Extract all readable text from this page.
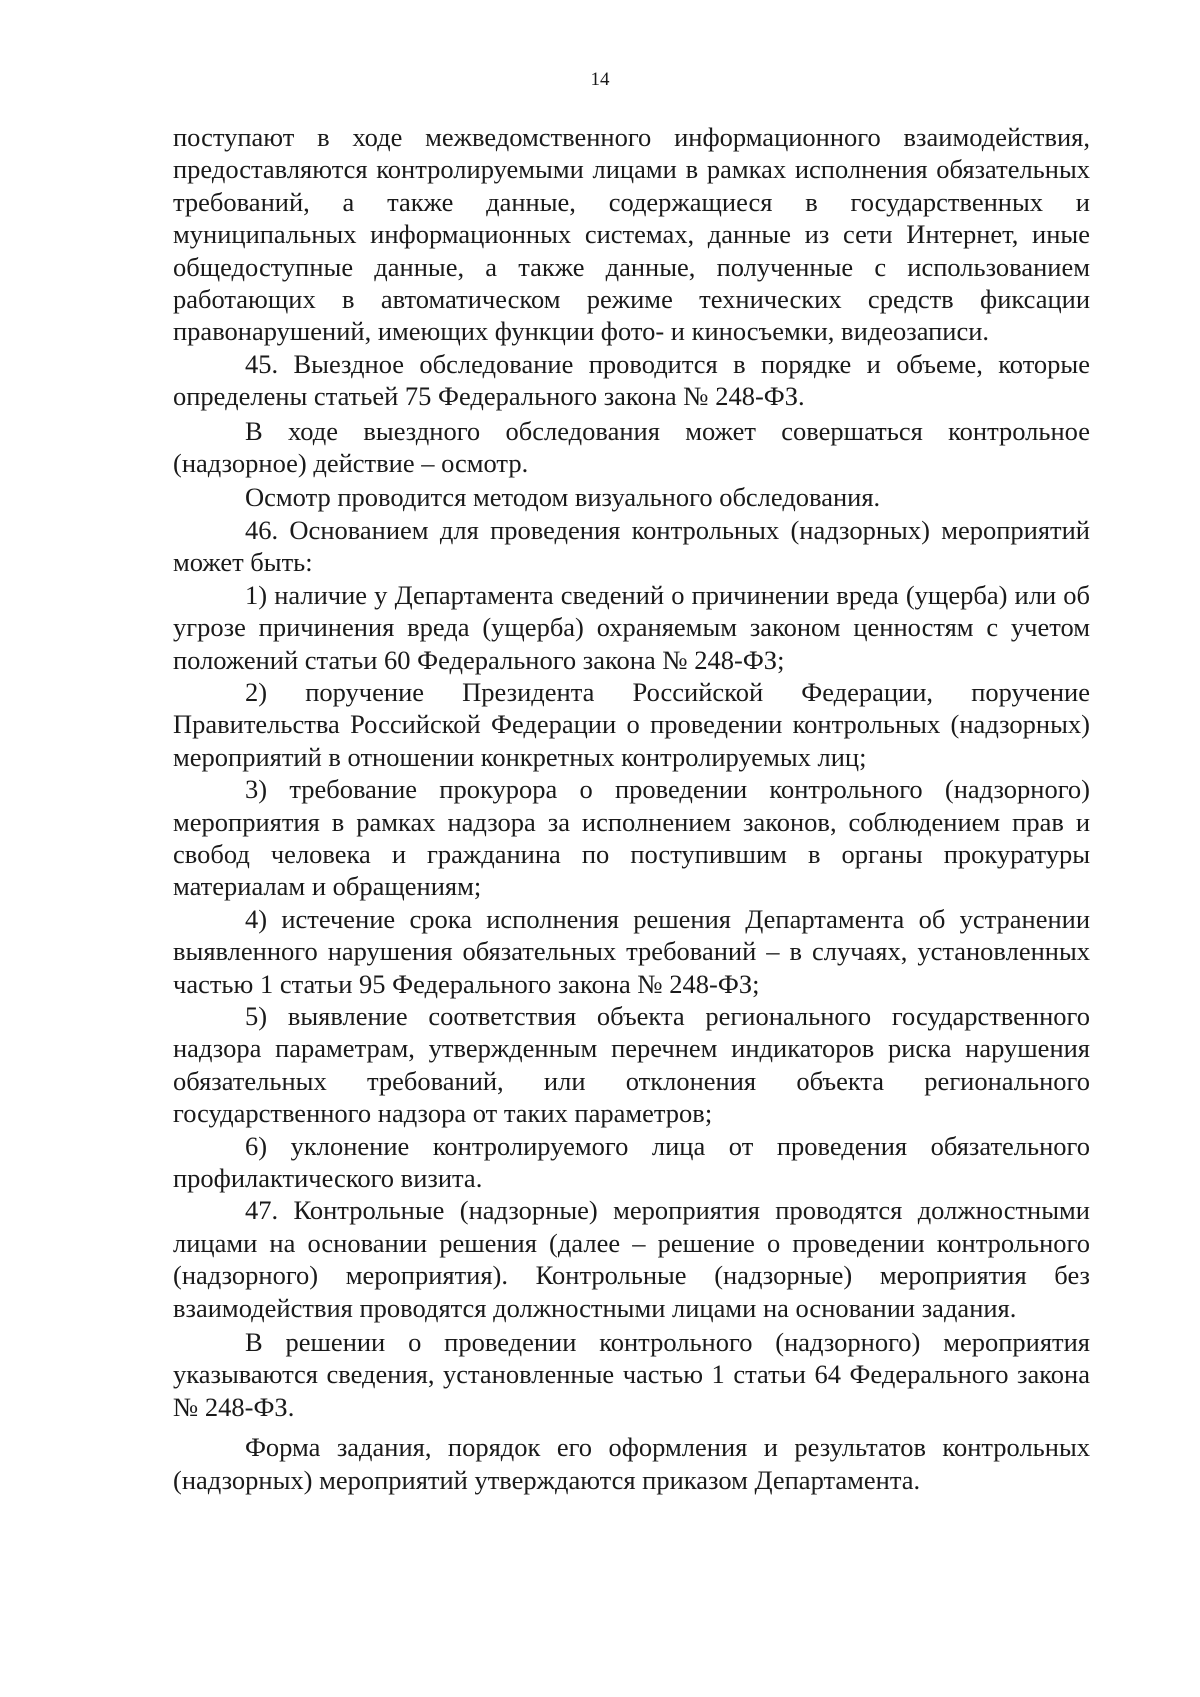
14

поступают в ходе межведомственного информационного взаимодействия, предоставляются контролируемыми лицами в рамках исполнения обязательных требований, а также данные, содержащиеся в государственных и муниципальных информационных системах, данные из сети Интернет, иные общедоступные данные, а также данные, полученные с использованием работающих в автоматическом режиме технических средств фиксации правонарушений, имеющих функции фото- и киносъемки, видеозаписи.

45. Выездное обследование проводится в порядке и объеме, которые определены статьей 75 Федерального закона № 248-ФЗ.

В ходе выездного обследования может совершаться контрольное (надзорное) действие – осмотр.

Осмотр проводится методом визуального обследования.

46. Основанием для проведения контрольных (надзорных) мероприятий может быть:

1) наличие у Департамента сведений о причинении вреда (ущерба) или об угрозе причинения вреда (ущерба) охраняемым законом ценностям с учетом положений статьи 60 Федерального закона № 248-ФЗ;

2) поручение Президента Российской Федерации, поручение Правительства Российской Федерации о проведении контрольных (надзорных) мероприятий в отношении конкретных контролируемых лиц;

3) требование прокурора о проведении контрольного (надзорного) мероприятия в рамках надзора за исполнением законов, соблюдением прав и свобод человека и гражданина по поступившим в органы прокуратуры материалам и обращениям;

4) истечение срока исполнения решения Департамента об устранении выявленного нарушения обязательных требований – в случаях, установленных частью 1 статьи 95 Федерального закона № 248-ФЗ;

5) выявление соответствия объекта регионального государственного надзора параметрам, утвержденным перечнем индикаторов риска нарушения обязательных требований, или отклонения объекта регионального государственного надзора от таких параметров;

6) уклонение контролируемого лица от проведения обязательного профилактического визита.

47. Контрольные (надзорные) мероприятия проводятся должностными лицами на основании решения (далее – решение о проведении контрольного (надзорного) мероприятия). Контрольные (надзорные) мероприятия без взаимодействия проводятся должностными лицами на основании задания.

В решении о проведении контрольного (надзорного) мероприятия указываются сведения, установленные частью 1 статьи 64 Федерального закона № 248-ФЗ.

Форма задания, порядок его оформления и результатов контрольных (надзорных) мероприятий утверждаются приказом Департамента.
